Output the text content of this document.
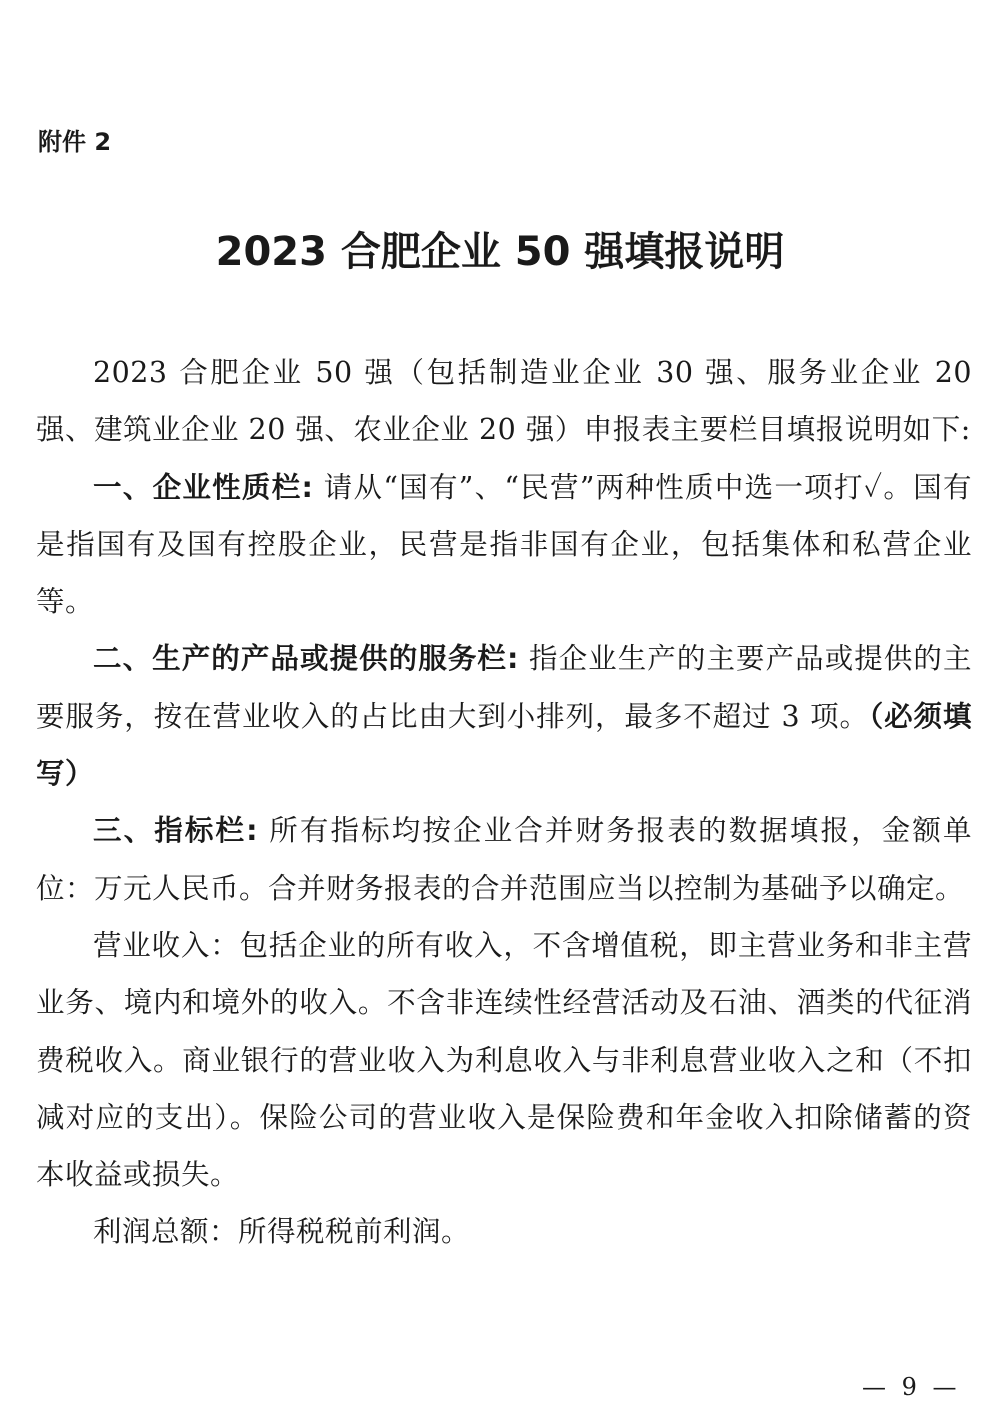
附件 2
2023 合肥企业 50 强填报说明

2023 合肥企业 50 强（包括制造业企业 30 强、服务业企业 20 强、建筑业企业 20 强、农业企业 20 强）申报表主要栏目填报说明如下:

一、企业性质栏: 请从“国有”、“民营”两种性质中选一项打✓。国有是指国有及国有控股企业，民营是指非国有企业，包括集体和私营企业等。

二、生产的产品或提供的服务栏: 指企业生产的主要产品或提供的主要服务，按在营业收入的占比由大到小排列，最多不超过 3 项。（必须填写）

三、指标栏: 所有指标均按企业合并财务报表的数据填报，金额单位：万元人民币。合并财务报表的合并范围应当以控制为基础予以确定。

营业收入：包括企业的所有收入，不含增值税，即主营业务和非主营业务、境内和境外的收入。不含非连续性经营活动及石油、酒类的代征消费税收入。商业银行的营业收入为利息收入与非利息营业收入之和（不扣减对应的支出）。保险公司的营业收入是保险费和年金收入扣除储蓄的资本收益或损失。

利润总额：所得税税前利润。

— 9 —
